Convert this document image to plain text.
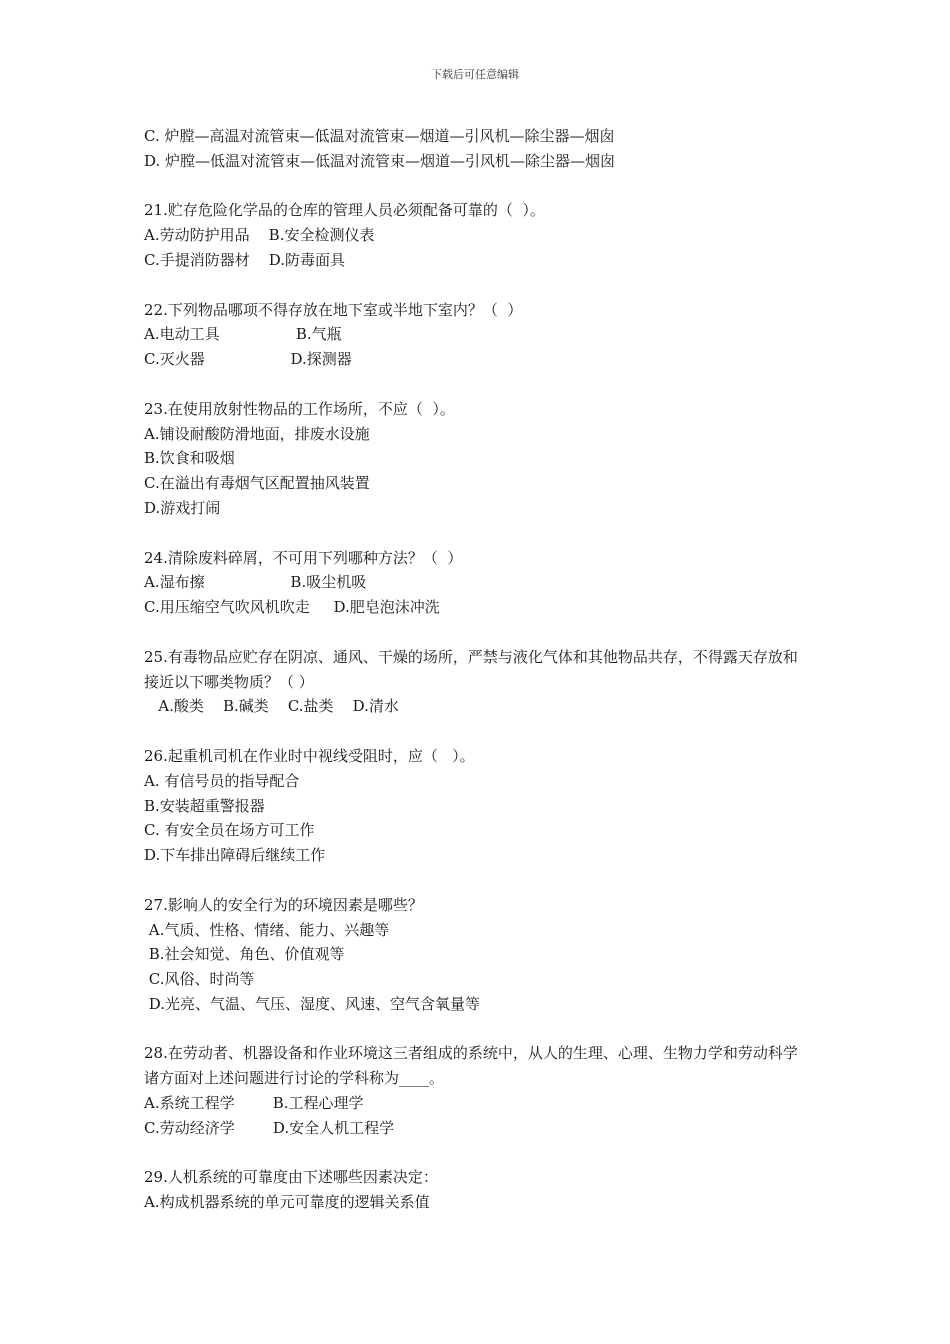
下载后可任意编辑

C. 炉膛—高温对流管束—低温对流管束—烟道—引风机—除尘器—烟囱

D. 炉膛—低温对流管束—低温对流管束—烟道—引风机—除尘器—烟囱

21.贮存危险化学品的仓库的管理人员必须配备可靠的（  ）。

A.劳动防护用品    B.安全检测仪表

C.手提消防器材    D.防毒面具

22.下列物品哪项不得存放在地下室或半地下室内？（  ）

A.电动工具                B.气瓶

C.灭火器                  D.探测器

23.在使用放射性物品的工作场所，不应（  ）。

A.铺设耐酸防滑地面，排废水设施

B.饮食和吸烟

C.在溢出有毒烟气区配置抽风装置

D.游戏打闹

24.清除废料碎屑，不可用下列哪种方法？（  ）

A.湿布擦                  B.吸尘机吸

C.用压缩空气吹风机吹走     D.肥皂泡沫冲洗

25.有毒物品应贮存在阴凉、通风、干燥的场所，严禁与液化气体和其他物品共存，不得露天存放和接近以下哪类物质？（ ）

A.酸类    B.碱类    C.盐类    D.清水

26.起重机司机在作业时中视线受阻时，应（   ）。

A. 有信号员的指导配合

B.安装超重警报器

C. 有安全员在场方可工作

D.下车排出障碍后继续工作

27.影响人的安全行为的环境因素是哪些？

A.气质、性格、情绪、能力、兴趣等

B.社会知觉、角色、价值观等

C.风俗、时尚等

D.光亮、气温、气压、湿度、风速、空气含氧量等

28.在劳动者、机器设备和作业环境这三者组成的系统中，从人的生理、心理、生物力学和劳动科学诸方面对上述问题进行讨论的学科称为____。

A.系统工程学        B.工程心理学

C.劳动经济学        D.安全人机工程学

29.人机系统的可靠度由下述哪些因素决定：

A.构成机器系统的单元可靠度的逻辑关系值
